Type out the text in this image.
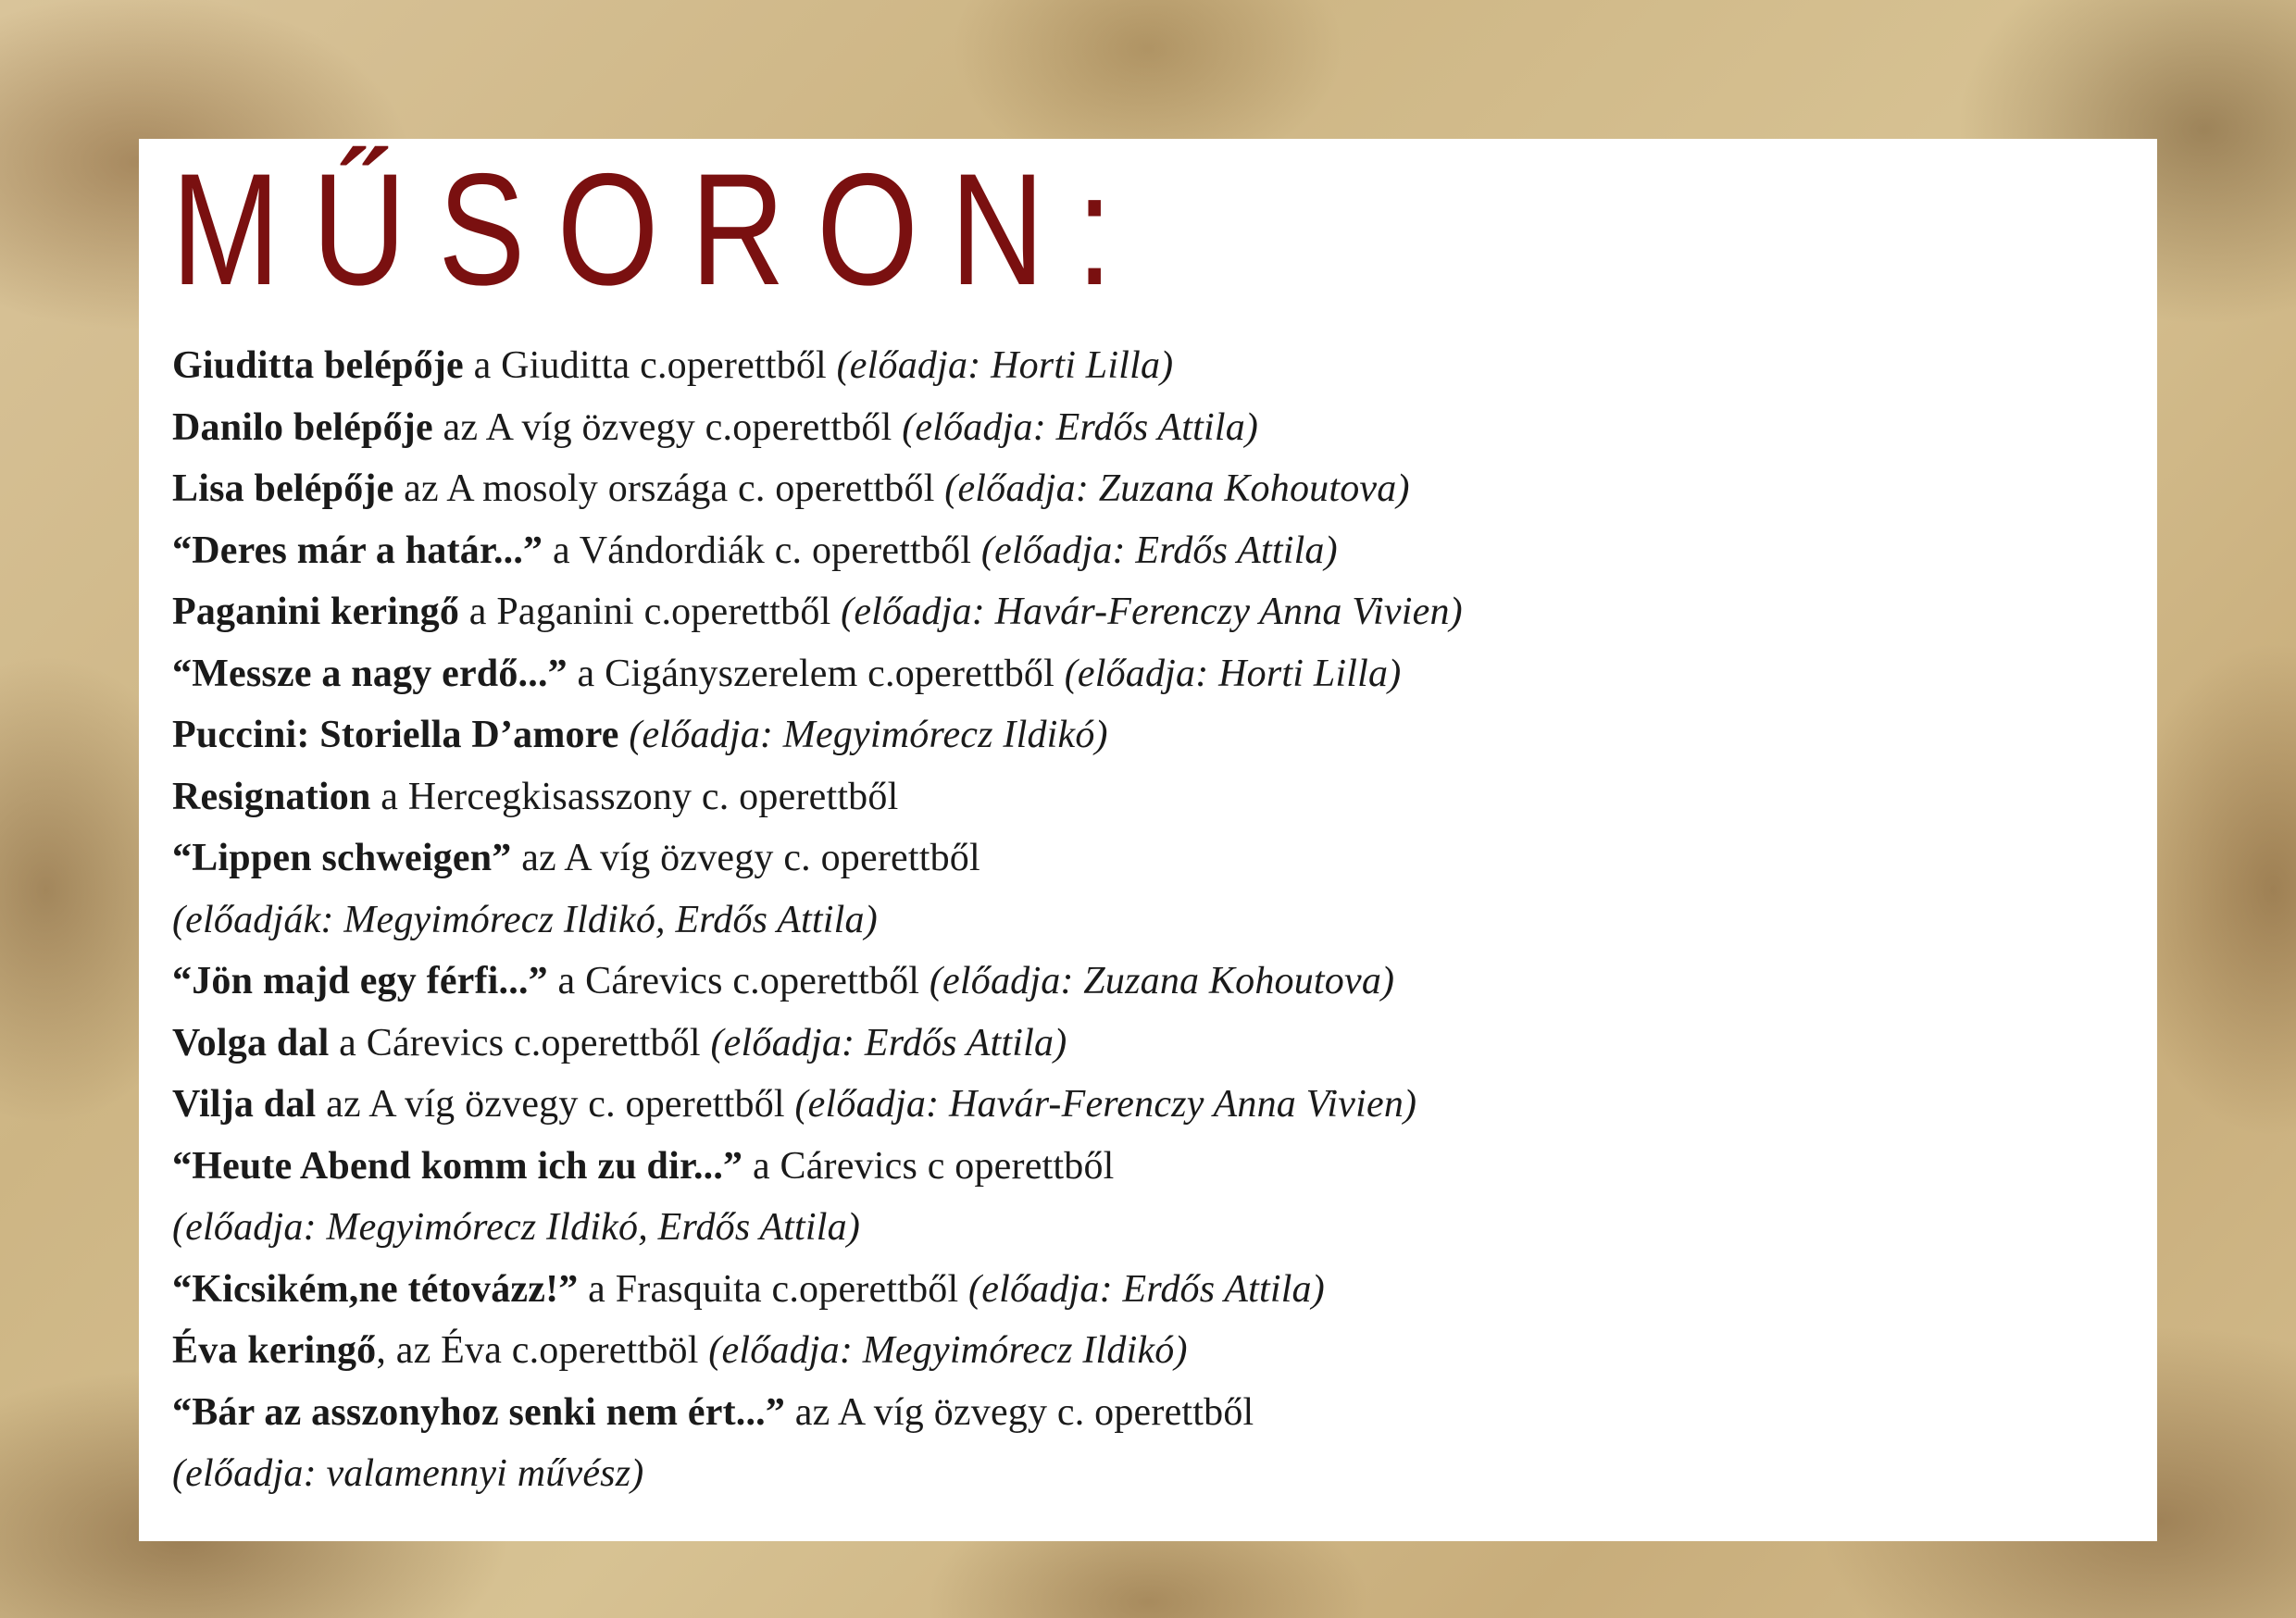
MŰSORON:
Giuditta belépője a Giuditta c.operettből (előadja: Horti Lilla)
Danilo belépője az A víg özvegy c.operettből (előadja: Erdős Attila)
Lisa belépője az A mosoly országa c. operettből (előadja: Zuzana Kohoutova)
“Deres már a határ...” a Vándordiák c. operettből (előadja: Erdős Attila)
Paganini keringő a Paganini c.operettből (előadja: Havár-Ferenczy Anna Vivien)
“Messze a nagy erdő...” a Cigányszerelem c.operettből (előadja: Horti Lilla)
Puccini: Storiella D’amore (előadja: Megyimórecz Ildikó)
Resignation a Hercegkisasszony c. operettből
“Lippen schweigen” az A víg özvegy c. operettből
(előadják: Megyimórecz Ildikó, Erdős Attila)
“Jön majd egy férfi...” a Cárevics c.operettből (előadja: Zuzana Kohoutova)
Volga dal a Cárevics c.operettből (előadja: Erdős Attila)
Vilja dal az A víg özvegy c. operettből (előadja: Havár-Ferenczy Anna Vivien)
“Heute Abend komm ich zu dir...” a Cárevics c operettből
(előadja: Megyimórecz Ildikó, Erdős Attila)
“Kicsikém,ne tétovázz!” a Frasquita c.operettből (előadja: Erdős Attila)
Éva keringő, az Éva c.operettböl (előadja: Megyimórecz Ildikó)
“Bár az asszonyhoz senki nem ért...” az A víg özvegy c. operettből
(előadja: valamennyi művész)
